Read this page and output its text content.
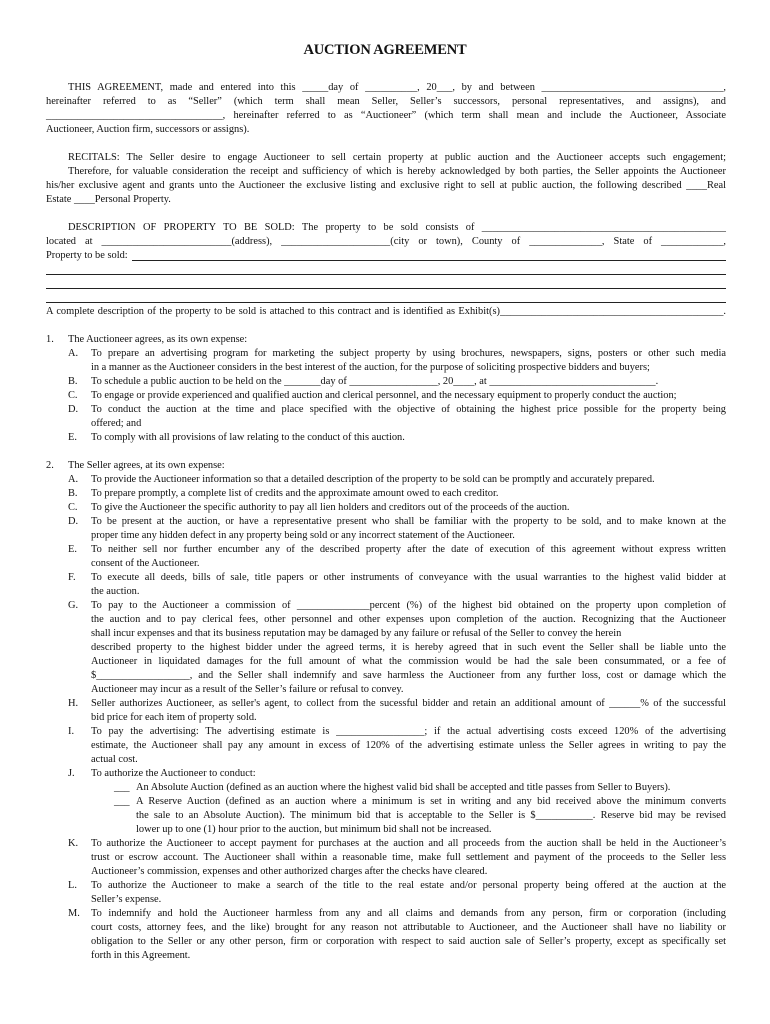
AUCTION AGREEMENT
THIS AGREEMENT, made and entered into this _____day of __________, 20___, by and between ___________________________________,
hereinafter referred to as “Seller” (which term shall mean Seller, Seller’s successors, personal representatives, and assigns), and
__________________________________, hereinafter referred to as “Auctioneer” (which term shall mean and include the Auctioneer, Associate
Auctioneer, Auction firm, successors or assigns).
RECITALS: The Seller desire to engage Auctioneer to sell certain property at public auction and the Auctioneer accepts such engagement;
Therefore, for valuable consideration the receipt and sufficiency of which is hereby acknowledged by both parties, the Seller appoints the Auctioneer
his/her exclusive agent and grants unto the Auctioneer the exclusive listing and exclusive right to sell at public auction, the following described ____Real
Estate ____Personal Property.
DESCRIPTION OF PROPERTY TO BE SOLD: The property to be sold consists of _______________________________________________
located at _________________________(address), _____________________(city or town), County of ______________, State of ____________,
Property to be sold:
A complete description of the property to be sold is attached to this contract and is identified as Exhibit(s)___________________________________________.
1. The Auctioneer agrees, as its own expense:
A.	To prepare an advertising program for marketing the subject property by using brochures, newspapers, signs, posters or other such media
in a manner as the Auctioneer considers in the best interest of the auction, for the purpose of soliciting prospective bidders and buyers;
B.	To schedule a public auction to be held on the _______day of _________________, 20____, at ________________________________.
C.	To engage or provide experienced and qualified auction and clerical personnel, and the necessary equipment to properly conduct the auction;
D.	To conduct the auction at the time and place specified with the objective of obtaining the highest price possible for the property being
offered; and
E.	To comply with all provisions of law relating to the conduct of this auction.
2. The Seller agrees, at its own expense:
A.	To provide the Auctioneer information so that a detailed description of the property to be sold can be promptly and accurately prepared.
B.	To prepare promptly, a complete list of credits and the approximate amount owed to each creditor.
C.	To give the Auctioneer the specific authority to pay all lien holders and creditors out of the proceeds of the auction.
D.	To be present at the auction, or have a representative present who shall be familiar with the property to be sold, and to make known at the
proper time any hidden defect in any property being sold or any incorrect statement of the Auctioneer.
E.	To neither sell nor further encumber any of the described property after the date of execution of this agreement without express written
consent of the Auctioneer.
F.	To execute all deeds, bills of sale, title papers or other instruments of conveyance with the usual warranties to the highest valid bidder at
the auction.
G.	To pay to the Auctioneer a commission of ______________percent (%) of the highest bid obtained on the property upon completion of
the auction and to pay clerical fees, other personnel and other expenses upon completion of the auction. Recognizing that the Auctioneer
shall incur expenses and that its business reputation may be damaged by any failure or refusal of the Seller to convey the herein
described property to the highest bidder under the agreed terms, it is hereby agreed that in such event the Seller shall be liable unto the
Auctioneer in liquidated damages for the full amount of what the commission would be had the sale been consummated, or a fee of
$__________________, and the Seller shall indemnify and save harmless the Auctioneer from any further loss, cost or damage which the
Auctioneer may incur as a result of the Seller’s failure or refusal to convey.
H.	Seller authorizes Auctioneer, as seller's agent, to collect from the sucessful bidder and retain an additional amount of ______% of the successful
bid price for each item of property sold.
I.	To pay the advertising: The advertising estimate is _________________; if the actual advertising costs exceed 120% of the advertising
estimate, the Auctioneer shall pay any amount in excess of 120% of the advertising estimate unless the Seller agrees in writing to pay the
actual cost.
J.	To authorize the Auctioneer to conduct:
___ An Absolute Auction (defined as an auction where the highest valid bid shall be accepted and title passes from Seller to Buyers).
___ A Reserve Auction (defined as an auction where a minimum is set in writing and any bid received above the minimum converts
the sale to an Absolute Auction). The minimum bid that is acceptable to the Seller is $___________. Reserve bid may be revised
lower up to one (1) hour prior to the auction, but minimum bid shall not be increased.
K.	To authorize the Auctioneer to accept payment for purchases at the auction and all proceeds from the auction shall be held in the Auctioneer’s
trust or escrow account. The Auctioneer shall within a reasonable time, make full settlement and payment of the proceeds to the Seller less
Auctioneer’s commission, expenses and other authorized charges after the checks have cleared.
L.	To authorize the Auctioneer to make a search of the title to the real estate and/or personal property being offered at the auction at the
Seller’s expense.
M.	To indemnify and hold the Auctioneer harmless from any and all claims and demands from any person, firm or corporation (including
court costs, attorney fees, and the like) brought for any reason not attributable to Auctioneer, and the Auctioneer shall have no liability or
obligation to the Seller or any other person, firm or corporation with respect to said auction sale of Seller’s property, except as specifically set
forth in this Agreement.
